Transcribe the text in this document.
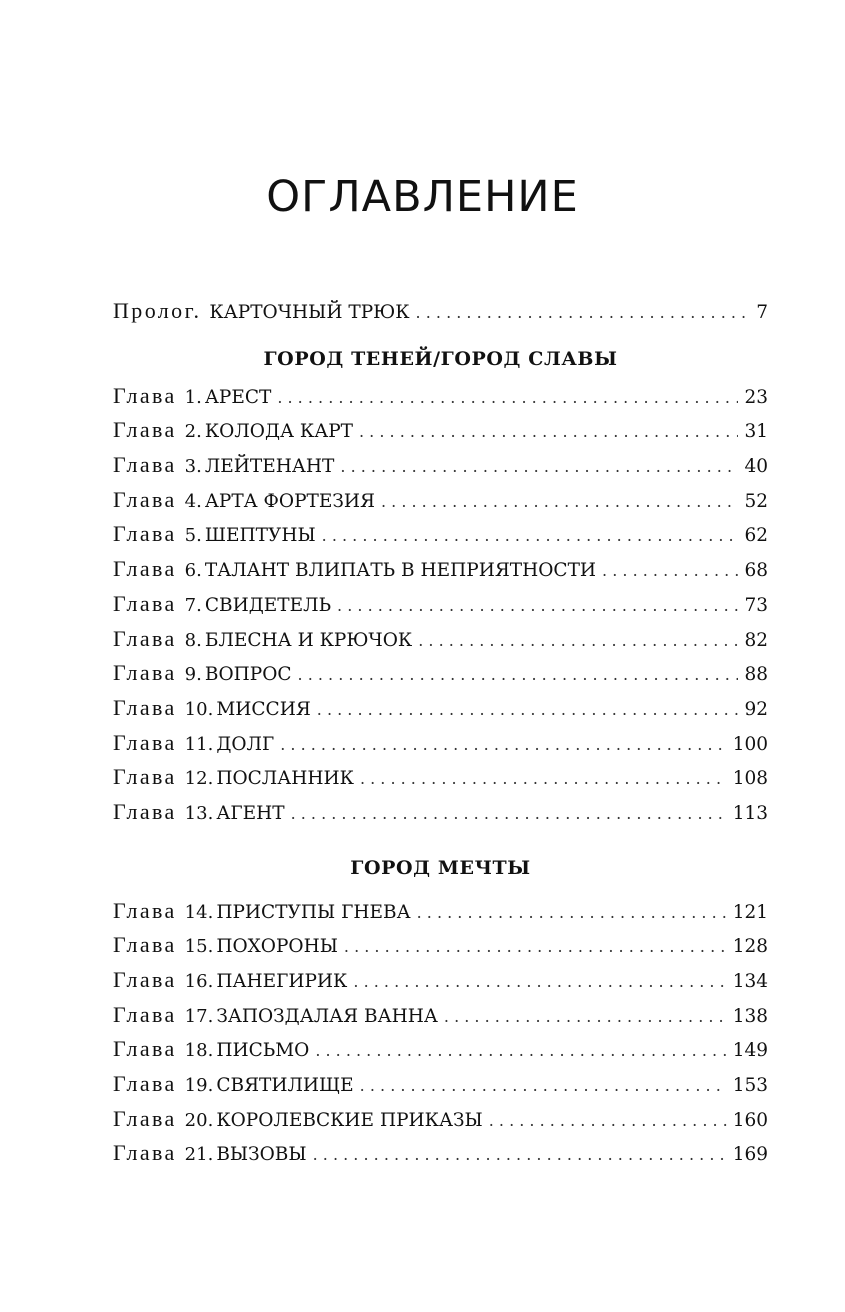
ОГЛАВЛЕНИЕ
Пролог. КАРТОЧНЫЙ ТРЮК . . .	7
ГОРОД ТЕНЕЙ/ГОРОД СЛАВЫ
Глава 1. АРЕСТ . . .	23
Глава 2. КОЛОДА КАРТ . . .	31
Глава 3. ЛЕЙТЕНАНТ . . .	40
Глава 4. АРТА ФОРТЕЗИЯ . . .	52
Глава 5. ШЕПТУНЫ . . .	62
Глава 6. ТАЛАНТ ВЛИПАТЬ В НЕПРИЯТНОСТИ . . .	68
Глава 7. СВИДЕТЕЛЬ . . .	73
Глава 8. БЛЕСНА И КРЮЧОК . . .	82
Глава 9. ВОПРОС . . .	88
Глава 10. МИССИЯ . . .	92
Глава 11. ДОЛГ . . .	100
Глава 12. ПОСЛАННИК . . .	108
Глава 13. АГЕНТ . . .	113
ГОРОД МЕЧТЫ
Глава 14. ПРИСТУПЫ ГНЕВА . . .	121
Глава 15. ПОХОРОНЫ . . .	128
Глава 16. ПАНЕГИРИК . . .	134
Глава 17. ЗАПОЗДАЛАЯ ВАННА . . .	138
Глава 18. ПИСЬМО . . .	149
Глава 19. СВЯТИЛИЩЕ . . .	153
Глава 20. КОРОЛЕВСКИЕ ПРИКАЗЫ . . .	160
Глава 21. ВЫЗОВЫ . . .	169
